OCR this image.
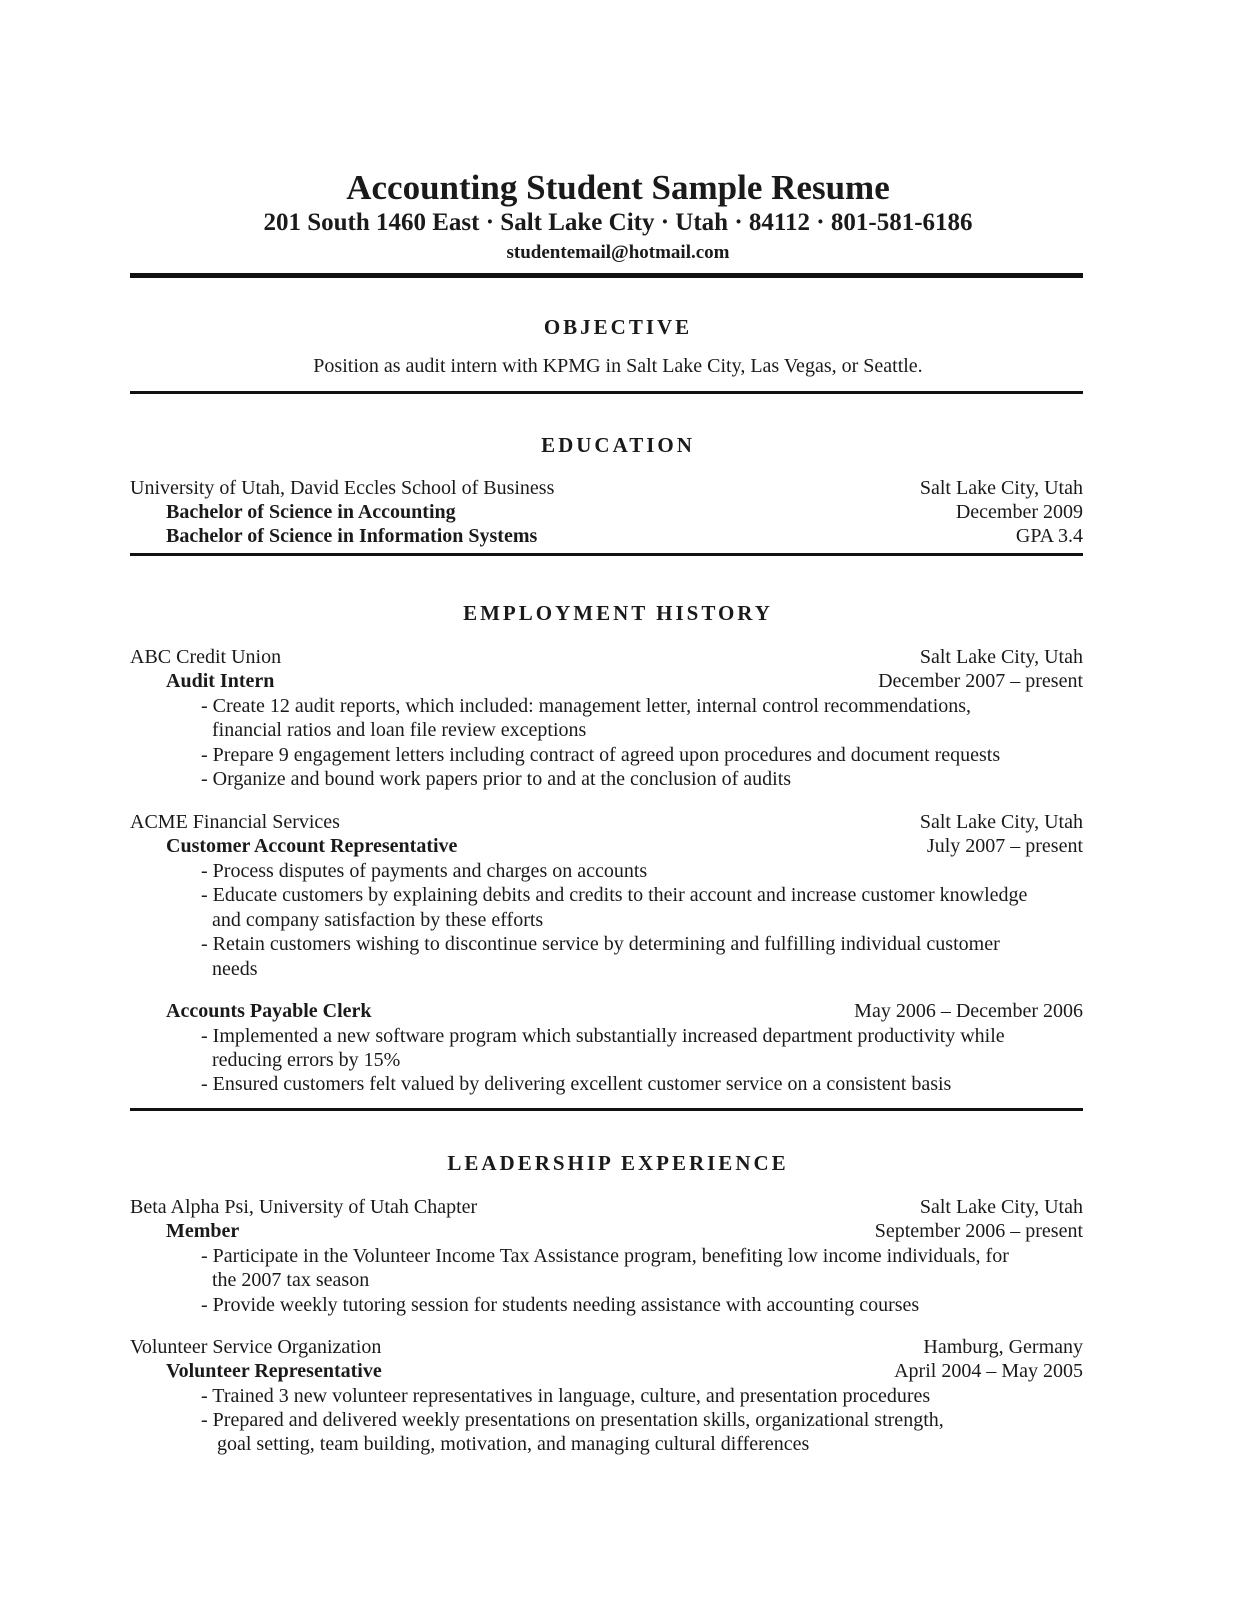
Accounting Student Sample Resume
201 South 1460 East · Salt Lake City · Utah · 84112 · 801-581-6186
studentemail@hotmail.com
OBJECTIVE
Position as audit intern with KPMG in Salt Lake City, Las Vegas, or Seattle.
EDUCATION
University of Utah, David Eccles School of Business	Salt Lake City, Utah
Bachelor of Science in Accounting	December 2009
Bachelor of Science in Information Systems	GPA 3.4
EMPLOYMENT HISTORY
ABC Credit Union	Salt Lake City, Utah
Audit Intern	December 2007 – present
- Create 12 audit reports, which included: management letter, internal control recommendations,
financial ratios and loan file review exceptions
- Prepare 9 engagement letters including contract of agreed upon procedures and document requests
- Organize and bound work papers prior to and at the conclusion of audits
ACME Financial Services	Salt Lake City, Utah
Customer Account Representative	July 2007 – present
- Process disputes of payments and charges on accounts
- Educate customers by explaining debits and credits to their account and increase customer knowledge
and company satisfaction by these efforts
- Retain customers wishing to discontinue service by determining and fulfilling individual customer
needs
Accounts Payable Clerk	May 2006 – December 2006
- Implemented a new software program which substantially increased department productivity while
reducing errors by 15%
- Ensured customers felt valued by delivering excellent customer service on a consistent basis
LEADERSHIP EXPERIENCE
Beta Alpha Psi, University of Utah Chapter	Salt Lake City, Utah
Member	September 2006 – present
- Participate in the Volunteer Income Tax Assistance program, benefiting low income individuals, for
the 2007 tax season
- Provide weekly tutoring session for students needing assistance with accounting courses
Volunteer Service Organization	Hamburg, Germany
Volunteer Representative	April 2004 – May 2005
- Trained 3 new volunteer representatives in language, culture, and presentation procedures
- Prepared and delivered weekly presentations on presentation skills, organizational strength,
goal setting, team building, motivation, and managing cultural differences
